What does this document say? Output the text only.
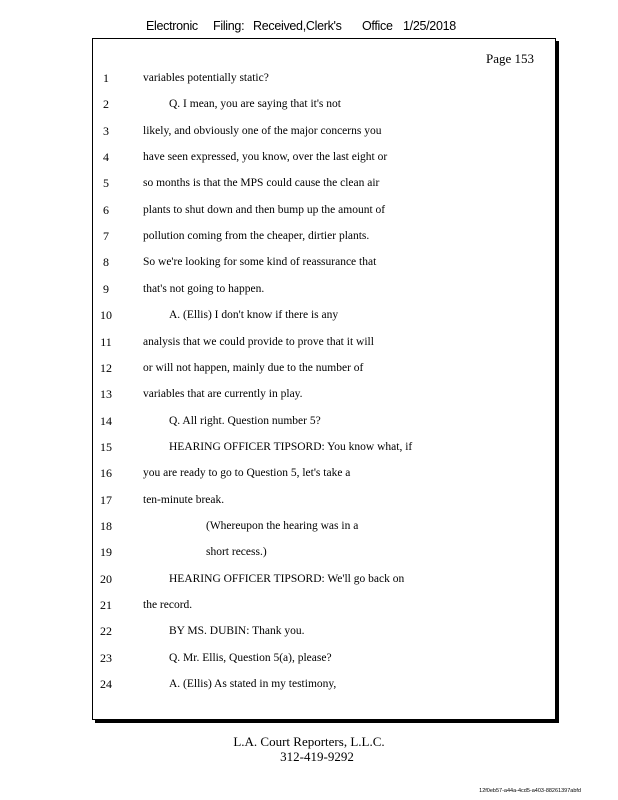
Electronic Filing: Received,Clerk's Office 1/25/2018
Page 153
1	variables potentially static?
2	Q. I mean, you are saying that it's not
3	likely, and obviously one of the major concerns you
4	have seen expressed, you know, over the last eight or
5	so months is that the MPS could cause the clean air
6	plants to shut down and then bump up the amount of
7	pollution coming from the cheaper, dirtier plants.
8	So we're looking for some kind of reassurance that
9	that's not going to happen.
10	A. (Ellis) I don't know if there is any
11	analysis that we could provide to prove that it will
12	or will not happen, mainly due to the number of
13	variables that are currently in play.
14	Q. All right. Question number 5?
15	HEARING OFFICER TIPSORD: You know what, if
16	you are ready to go to Question 5, let's take a
17	ten-minute break.
18	(Whereupon the hearing was in a
19	short recess.)
20	HEARING OFFICER TIPSORD: We'll go back on
21	the record.
22	BY MS. DUBIN: Thank you.
23	Q. Mr. Ellis, Question 5(a), please?
24	A. (Ellis) As stated in my testimony,
L.A. Court Reporters, L.L.C.
312-419-9292
12f0eb57-a44a-4cd5-a403-88261397abfd
